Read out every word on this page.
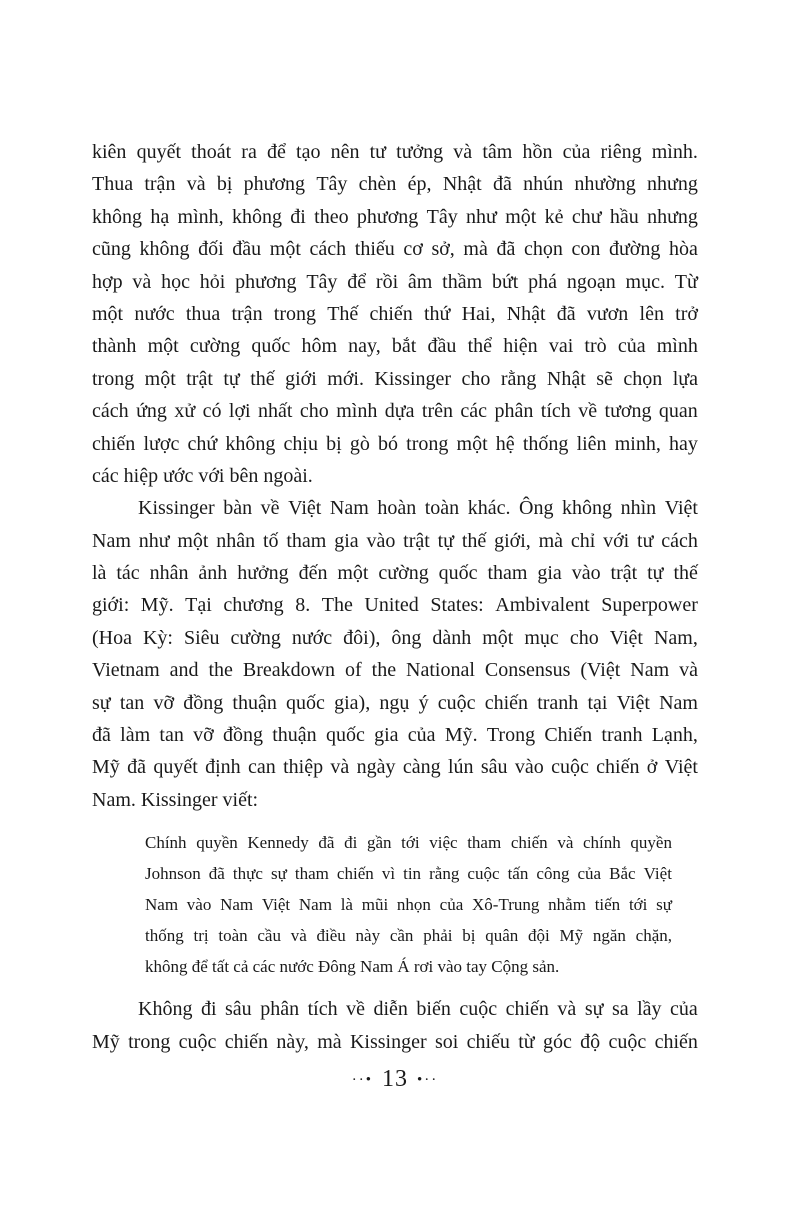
kiên quyết thoát ra để tạo nên tư tưởng và tâm hồn của riêng mình.
Thua trận và bị phương Tây chèn ép, Nhật đã nhún nhường nhưng
không hạ mình, không đi theo phương Tây như một kẻ chư hầu nhưng
cũng không đối đầu một cách thiếu cơ sở, mà đã chọn con đường hòa
hợp và học hỏi phương Tây để rồi âm thầm bứt phá ngoạn mục. Từ
một nước thua trận trong Thế chiến thứ Hai, Nhật đã vươn lên trở
thành một cường quốc hôm nay, bắt đầu thể hiện vai trò của mình
trong một trật tự thế giới mới. Kissinger cho rằng Nhật sẽ chọn lựa
cách ứng xử có lợi nhất cho mình dựa trên các phân tích về tương quan
chiến lược chứ không chịu bị gò bó trong một hệ thống liên minh, hay
các hiệp ước với bên ngoài.
Kissinger bàn về Việt Nam hoàn toàn khác. Ông không nhìn Việt
Nam như một nhân tố tham gia vào trật tự thế giới, mà chỉ với tư cách
là tác nhân ảnh hưởng đến một cường quốc tham gia vào trật tự thế
giới: Mỹ. Tại chương 8. The United States: Ambivalent Superpower
(Hoa Kỳ: Siêu cường nước đôi), ông dành một mục cho Việt Nam,
Vietnam and the Breakdown of the National Consensus (Việt Nam và
sự tan vỡ đồng thuận quốc gia), ngụ ý cuộc chiến tranh tại Việt Nam
đã làm tan vỡ đồng thuận quốc gia của Mỹ. Trong Chiến tranh Lạnh,
Mỹ đã quyết định can thiệp và ngày càng lún sâu vào cuộc chiến ở Việt
Nam. Kissinger viết:
Chính quyền Kennedy đã đi gần tới việc tham chiến và chính quyền
Johnson đã thực sự tham chiến vì tin rằng cuộc tấn công của Bắc Việt
Nam vào Nam Việt Nam là mũi nhọn của Xô-Trung nhằm tiến tới sự
thống trị toàn cầu và điều này cần phải bị quân đội Mỹ ngăn chặn,
không để tất cả các nước Đông Nam Á rơi vào tay Cộng sản.
Không đi sâu phân tích về diễn biến cuộc chiến và sự sa lầy của
Mỹ trong cuộc chiến này, mà Kissinger soi chiếu từ góc độ cuộc chiến
··• 13 •··
